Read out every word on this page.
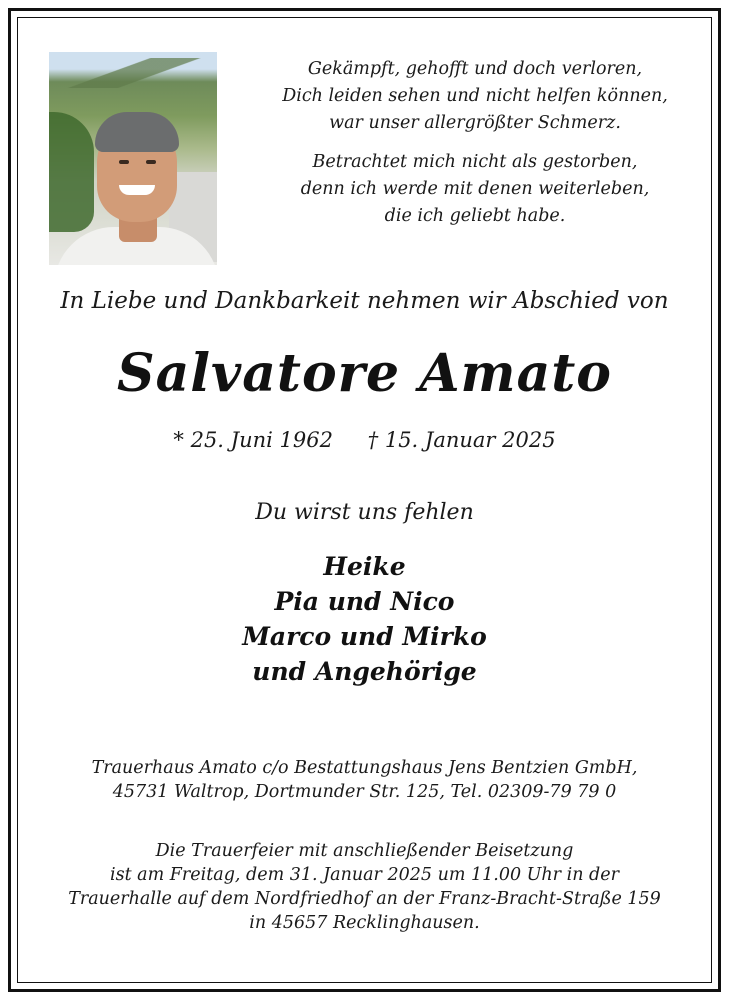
Gekämpft, gehofft und doch verloren,

Dich leiden sehen und nicht helfen können,

war unser allergrößter Schmerz.

Betrachtet mich nicht als gestorben,

denn ich werde mit denen weiterleben,

die ich geliebt habe.

In Liebe und Dankbarkeit nehmen wir Abschied von
Salvatore Amato
* 25. Juni 1962 † 15. Januar 2025
Du wirst uns fehlen
Heike
Pia und Nico
Marco und Mirko
und Angehörige
Trauerhaus Amato c/o Bestattungshaus Jens Bentzien GmbH,
45731 Waltrop, Dortmunder Str. 125, Tel. 02309-79 79 0
Die Trauerfeier mit anschließender Beisetzung
ist am Freitag, dem 31. Januar 2025 um 11.00 Uhr in der
Trauerhalle auf dem Nordfriedhof an der Franz-Bracht-Straße 159
in 45657 Recklinghausen.
